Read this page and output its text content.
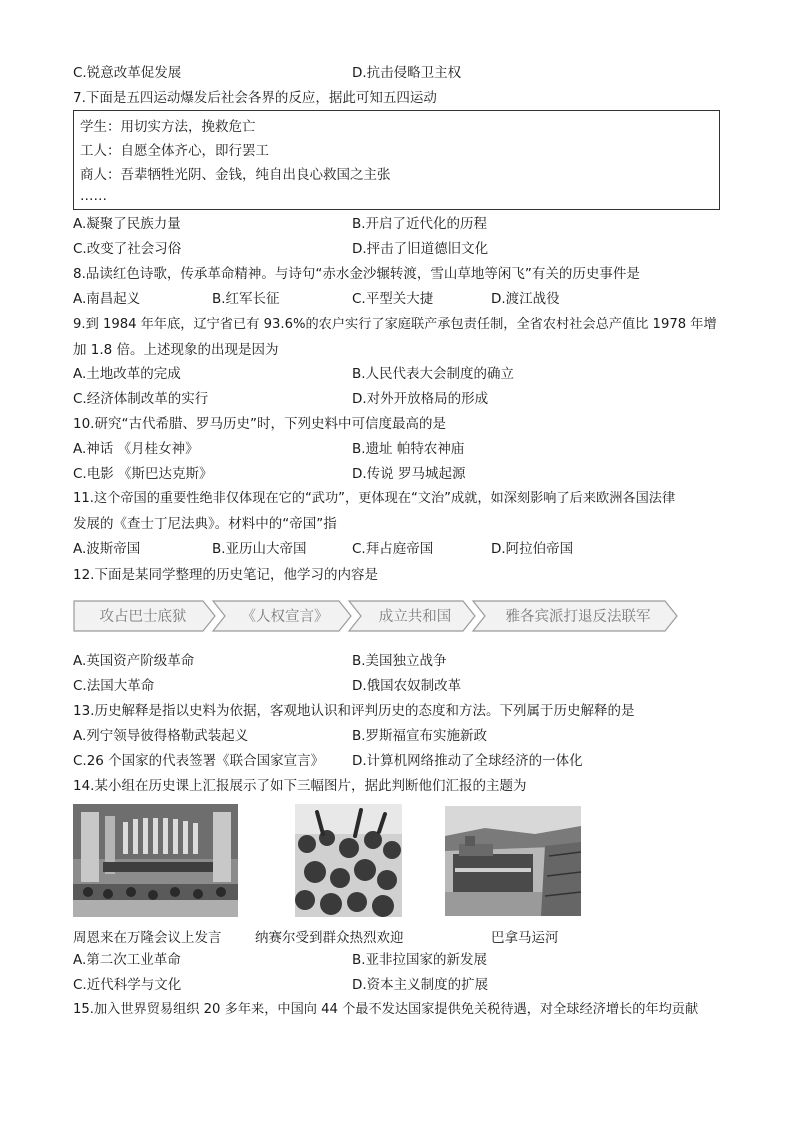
C.锐意改革促发展	D.抗击侵略卫主权
7.下面是五四运动爆发后社会各界的反应，据此可知五四运动
学生：用切实方法，挽救危亡
工人：自愿全体齐心，即行罢工
商人：吾辈牺牲光阴、金钱，纯自出良心救国之主张
……
A.凝聚了民族力量	B.开启了近代化的历程
C.改变了社会习俗	D.抨击了旧道德旧文化
8.品读红色诗歌，传承革命精神。与诗句“赤水金沙辗转渡，雪山草地等闲飞”有关的历史事件是
A.南昌起义	B.红军长征	C.平型关大捷	D.渡江战役
9.到 1984 年年底，辽宁省已有 93.6%的农户实行了家庭联产承包责任制，全省农村社会总产值比 1978 年增
加 1.8 倍。上述现象的出现是因为
A.土地改革的完成	B.人民代表大会制度的确立
C.经济体制改革的实行	D.对外开放格局的形成
10.研究“古代希腊、罗马历史”时，下列史料中可信度最高的是
A.神话 《月桂女神》	B.遗址 帕特农神庙
C.电影 《斯巴达克斯》	D.传说 罗马城起源
11.这个帝国的重要性绝非仅体现在它的“武功”，更体现在“文治”成就，如深刻影响了后来欧洲各国法律
发展的《查士丁尼法典》。材料中的“帝国”指
A.波斯帝国	B.亚历山大帝国	C.拜占庭帝国	D.阿拉伯帝国
12.下面是某同学整理的历史笔记，他学习的内容是
攻占巴士底狱	《人权宣言》	成立共和国	雅各宾派打退反法联军
A.英国资产阶级革命	B.美国独立战争
C.法国大革命	D.俄国农奴制改革
13.历史解释是指以史料为依据，客观地认识和评判历史的态度和方法。下列属于历史解释的是
A.列宁领导彼得格勒武装起义	B.罗斯福宣布实施新政
C.26 个国家的代表签署《联合国家宣言》 D.计算机网络推动了全球经济的一体化
14.某小组在历史课上汇报展示了如下三幅图片，据此判断他们汇报的主题为
周恩来在万隆会议上发言 纳赛尔受到群众热烈欢迎	巴拿马运河
A.第二次工业革命	B.亚非拉国家的新发展
C.近代科学与文化	D.资本主义制度的扩展
15.加入世界贸易组织 20 多年来，中国向 44 个最不发达国家提供免关税待遇，对全球经济增长的年均贡献
